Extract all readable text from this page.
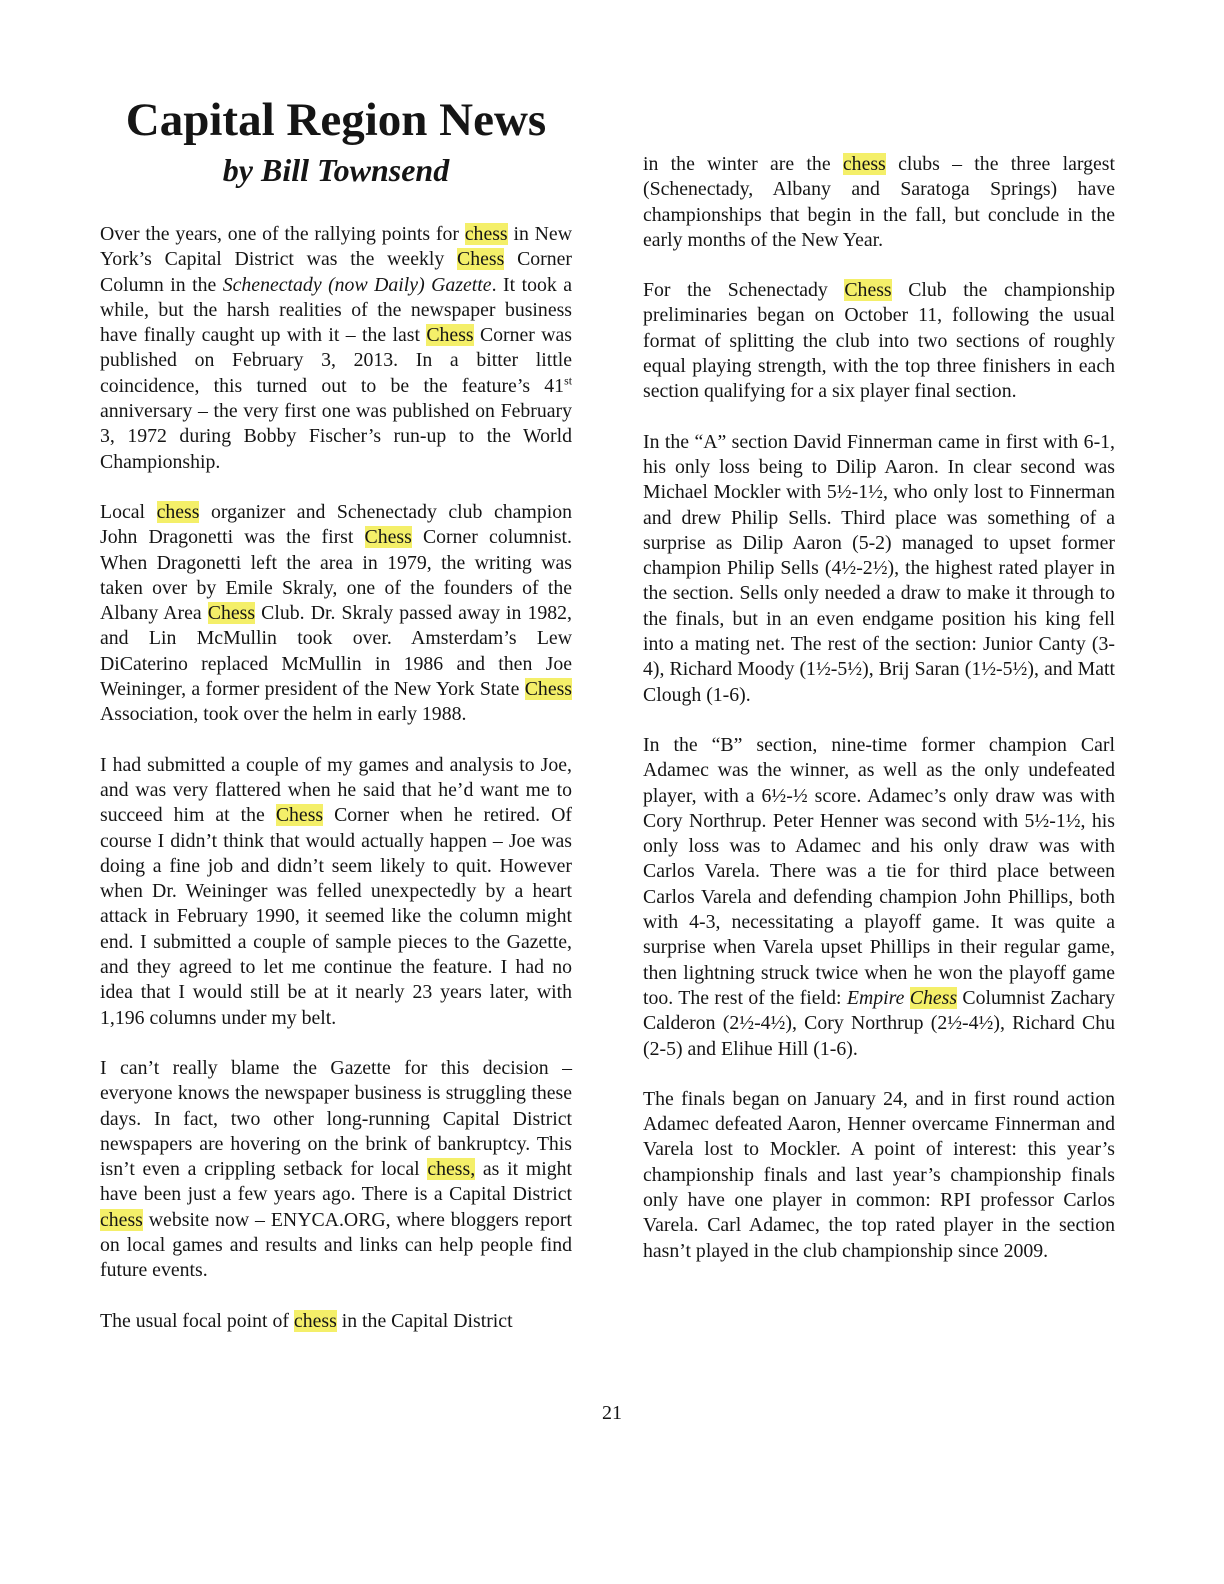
Capital Region News
by Bill Townsend

Over the years, one of the rallying points for chess in New York’s Capital District was the weekly Chess Corner Column in the Schenectady (now Daily) Gazette. It took a while, but the harsh realities of the newspaper business have finally caught up with it – the last Chess Corner was published on February 3, 2013. In a bitter little coincidence, this turned out to be the feature’s 41st anniversary – the very first one was published on February 3, 1972 during Bobby Fischer’s run-up to the World Championship.

Local chess organizer and Schenectady club champion John Dragonetti was the first Chess Corner columnist. When Dragonetti left the area in 1979, the writing was taken over by Emile Skraly, one of the founders of the Albany Area Chess Club. Dr. Skraly passed away in 1982, and Lin McMullin took over. Amsterdam’s Lew DiCaterino replaced McMullin in 1986 and then Joe Weininger, a former president of the New York State Chess Association, took over the helm in early 1988.

I had submitted a couple of my games and analysis to Joe, and was very flattered when he said that he’d want me to succeed him at the Chess Corner when he retired. Of course I didn’t think that would actually happen – Joe was doing a fine job and didn’t seem likely to quit. However when Dr. Weininger was felled unexpectedly by a heart attack in February 1990, it seemed like the column might end. I submitted a couple of sample pieces to the Gazette, and they agreed to let me continue the feature. I had no idea that I would still be at it nearly 23 years later, with 1,196 columns under my belt.

I can’t really blame the Gazette for this decision – everyone knows the newspaper business is struggling these days. In fact, two other long-running Capital District newspapers are hovering on the brink of bankruptcy. This isn’t even a crippling setback for local chess, as it might have been just a few years ago. There is a Capital District chess website now – ENYCA.ORG, where bloggers report on local games and results and links can help people find future events.

The usual focal point of chess in the Capital District

in the winter are the chess clubs – the three largest (Schenectady, Albany and Saratoga Springs) have championships that begin in the fall, but conclude in the early months of the New Year.

For the Schenectady Chess Club the championship preliminaries began on October 11, following the usual format of splitting the club into two sections of roughly equal playing strength, with the top three finishers in each section qualifying for a six player final section.

In the “A” section David Finnerman came in first with 6-1, his only loss being to Dilip Aaron. In clear second was Michael Mockler with 5½-1½, who only lost to Finnerman and drew Philip Sells. Third place was something of a surprise as Dilip Aaron (5-2) managed to upset former champion Philip Sells (4½-2½), the highest rated player in the section. Sells only needed a draw to make it through to the finals, but in an even endgame position his king fell into a mating net. The rest of the section: Junior Canty (3-4), Richard Moody (1½-5½), Brij Saran (1½-5½), and Matt Clough (1-6).

In the “B” section, nine-time former champion Carl Adamec was the winner, as well as the only undefeated player, with a 6½-½ score. Adamec’s only draw was with Cory Northrup. Peter Henner was second with 5½-1½, his only loss was to Adamec and his only draw was with Carlos Varela. There was a tie for third place between Carlos Varela and defending champion John Phillips, both with 4-3, necessitating a playoff game. It was quite a surprise when Varela upset Phillips in their regular game, then lightning struck twice when he won the playoff game too. The rest of the field: Empire Chess Columnist Zachary Calderon (2½-4½), Cory Northrup (2½-4½), Richard Chu (2-5) and Elihue Hill (1-6).

The finals began on January 24, and in first round action Adamec defeated Aaron, Henner overcame Finnerman and Varela lost to Mockler. A point of interest: this year’s championship finals and last year’s championship finals only have one player in common: RPI professor Carlos Varela. Carl Adamec, the top rated player in the section hasn’t played in the club championship since 2009.

21
